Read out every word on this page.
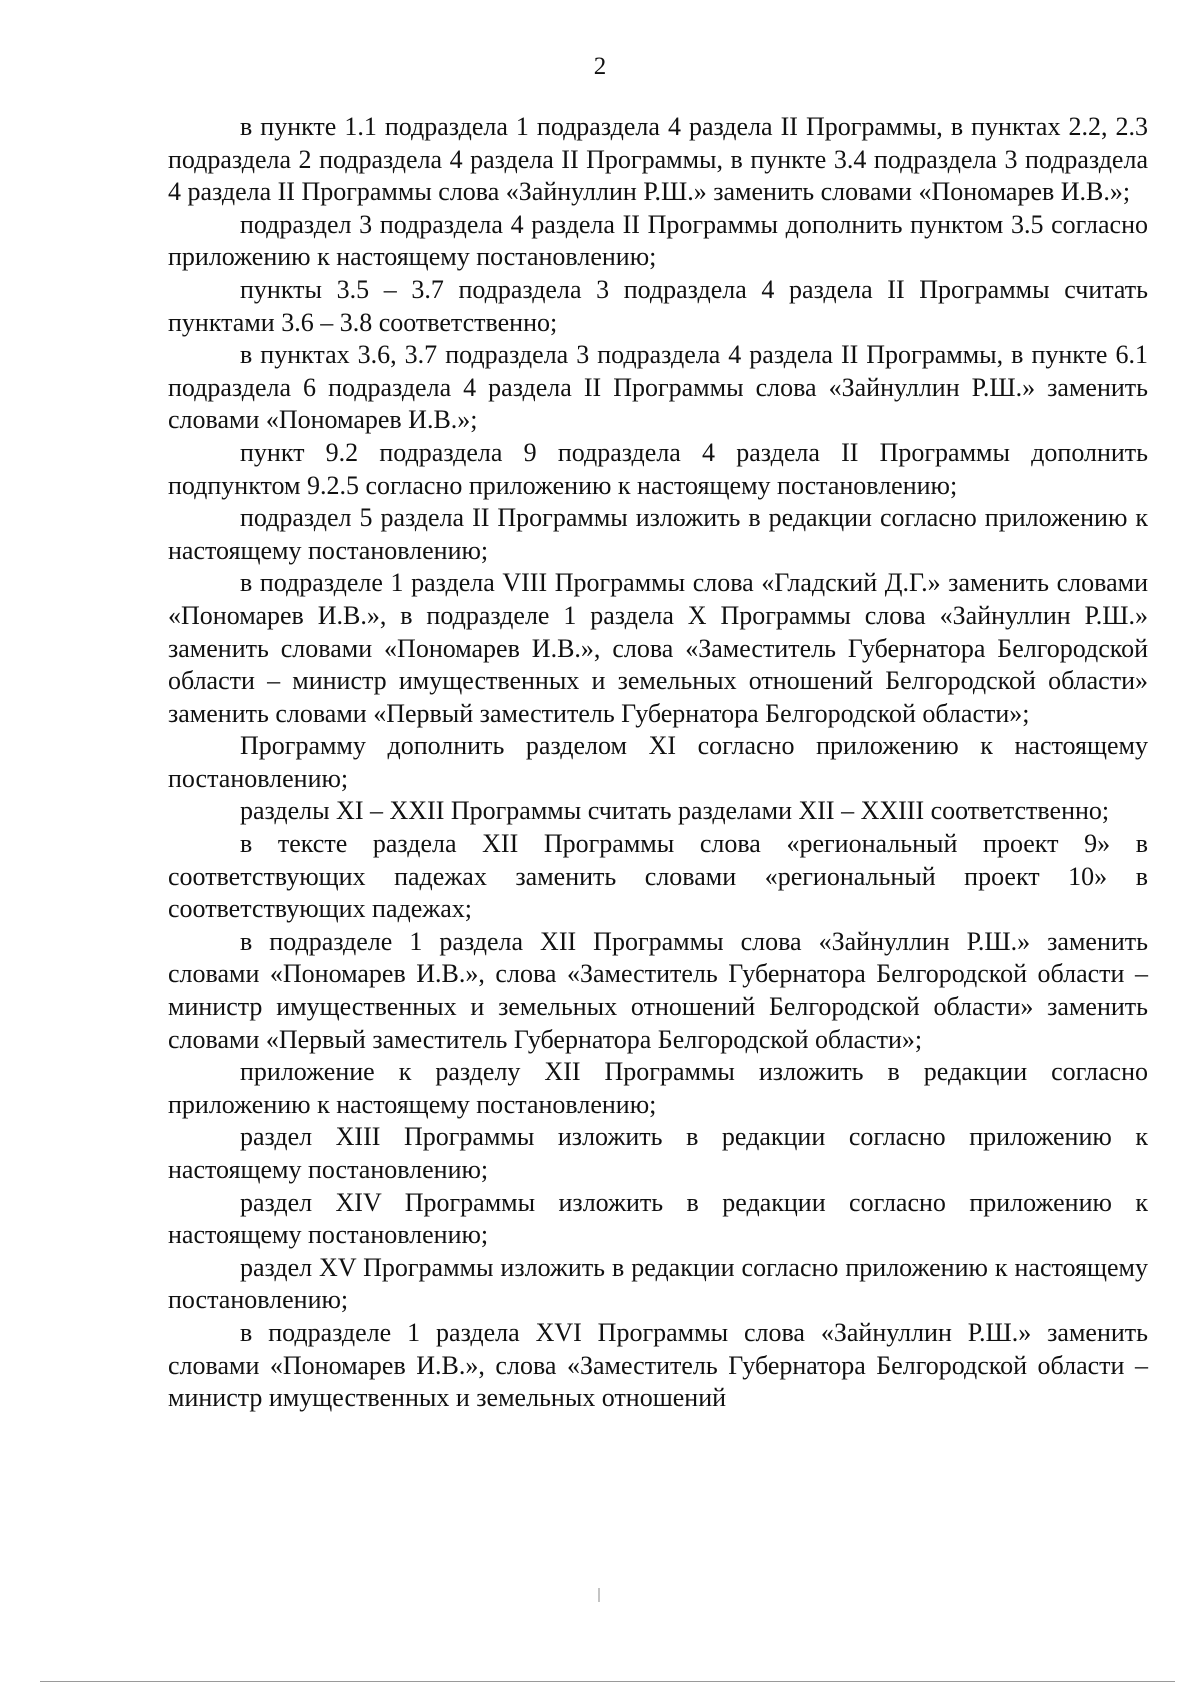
2

в пункте 1.1 подраздела 1 подраздела 4 раздела II Программы, в пунктах 2.2, 2.3 подраздела 2 подраздела 4 раздела II Программы, в пункте 3.4 подраздела 3 подраздела 4 раздела II Программы слова «Зайнуллин Р.Ш.» заменить словами «Пономарев И.В.»;

подраздел 3 подраздела 4 раздела II Программы дополнить пунктом 3.5 согласно приложению к настоящему постановлению;

пункты 3.5 – 3.7 подраздела 3 подраздела 4 раздела II Программы считать пунктами 3.6 – 3.8 соответственно;

в пунктах 3.6, 3.7 подраздела 3 подраздела 4 раздела II Программы, в пункте 6.1 подраздела 6 подраздела 4 раздела II Программы слова «Зайнуллин Р.Ш.» заменить словами «Пономарев И.В.»;

пункт 9.2 подраздела 9 подраздела 4 раздела II Программы дополнить подпунктом 9.2.5 согласно приложению к настоящему постановлению;

подраздел 5 раздела II Программы изложить в редакции согласно приложению к настоящему постановлению;

в подразделе 1 раздела VIII Программы слова «Гладский Д.Г.» заменить словами «Пономарев И.В.», в подразделе 1 раздела X Программы слова «Зайнуллин Р.Ш.» заменить словами «Пономарев И.В.», слова «Заместитель Губернатора Белгородской области – министр имущественных и земельных отношений Белгородской области» заменить словами «Первый заместитель Губернатора Белгородской области»;

Программу дополнить разделом XI согласно приложению к настоящему постановлению;

разделы XI – XXII Программы считать разделами XII – XXIII соответственно;

в тексте раздела XII Программы слова «региональный проект 9» в соответствующих падежах заменить словами «региональный проект 10» в соответствующих падежах;

в подразделе 1 раздела XII Программы слова «Зайнуллин Р.Ш.» заменить словами «Пономарев И.В.», слова «Заместитель Губернатора Белгородской области – министр имущественных и земельных отношений Белгородской области» заменить словами «Первый заместитель Губернатора Белгородской области»;

приложение к разделу XII Программы изложить в редакции согласно приложению к настоящему постановлению;

раздел XIII Программы изложить в редакции согласно приложению к настоящему постановлению;

раздел XIV Программы изложить в редакции согласно приложению к настоящему постановлению;

раздел XV Программы изложить в редакции согласно приложению к настоящему постановлению;

в подразделе 1 раздела XVI Программы слова «Зайнуллин Р.Ш.» заменить словами «Пономарев И.В.», слова «Заместитель Губернатора Белгородской области – министр имущественных и земельных отношений
